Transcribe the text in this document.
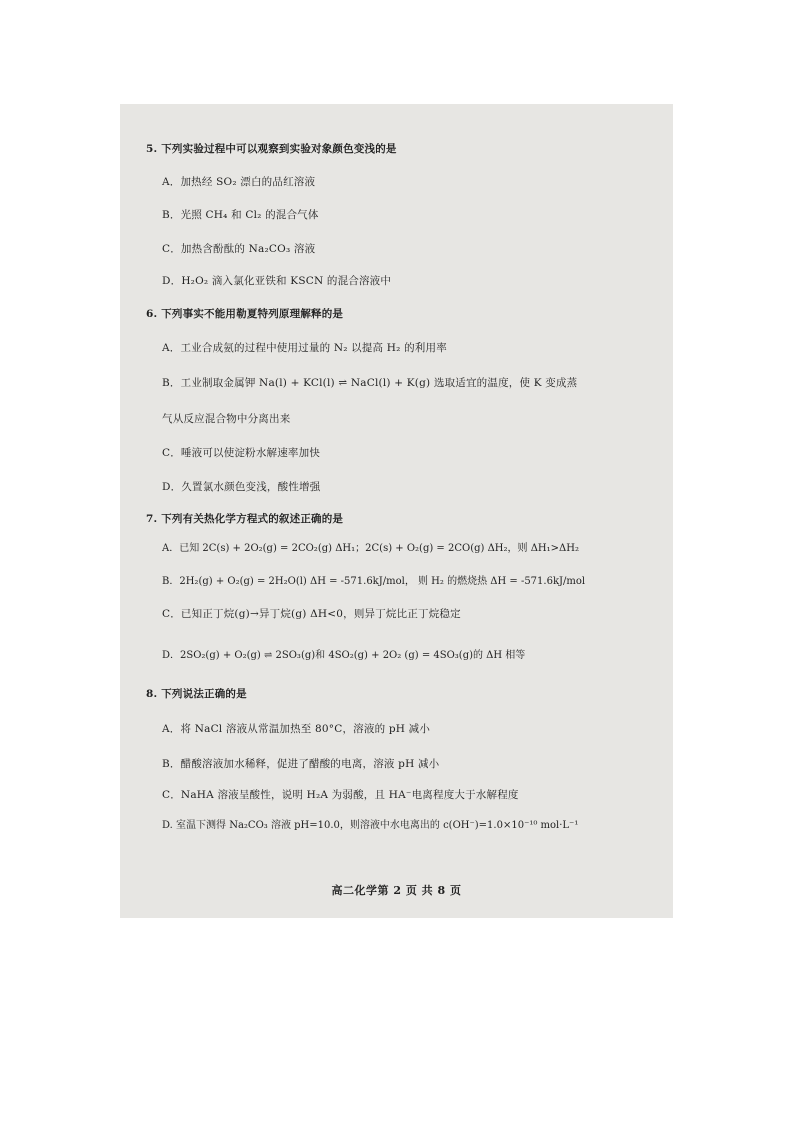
5. 下列实验过程中可以观察到实验对象颜色变浅的是
A．加热经 SO₂ 漂白的品红溶液
B．光照 CH₄ 和 Cl₂ 的混合气体
C．加热含酚酞的 Na₂CO₃ 溶液
D．H₂O₂ 滴入氯化亚铁和 KSCN 的混合溶液中
6. 下列事实不能用勒夏特列原理解释的是
A．工业合成氨的过程中使用过量的 N₂ 以提高 H₂ 的利用率
B．工业制取金属钾 Na(l) + KCl(l) ⇌ NaCl(l) + K(g) 选取适宜的温度，使 K 变成蒸
气从反应混合物中分离出来
C．唾液可以使淀粉水解速率加快
D．久置氯水颜色变浅，酸性增强
7. 下列有关热化学方程式的叙述正确的是
A．已知 2C(s) + 2O₂(g) = 2CO₂(g) ΔH₁；2C(s) + O₂(g) = 2CO(g) ΔH₂，则 ΔH₁>ΔH₂
B．2H₂(g) + O₂(g) = 2H₂O(l) ΔH = -571.6kJ/mol， 则 H₂ 的燃烧热 ΔH = -571.6kJ/mol
C．已知正丁烷(g)→异丁烷(g) ΔH<0，则异丁烷比正丁烷稳定
D．2SO₂(g) + O₂(g) ⇌ 2SO₃(g)和 4SO₂(g) + 2O₂ (g) = 4SO₃(g)的 ΔH 相等
8. 下列说法正确的是
A．将 NaCl 溶液从常温加热至 80°C，溶液的 pH 减小
B．醋酸溶液加水稀释，促进了醋酸的电离，溶液 pH 减小
C．NaHA 溶液呈酸性，说明 H₂A 为弱酸，且 HA⁻电离程度大于水解程度
D. 室温下测得 Na₂CO₃ 溶液 pH=10.0，则溶液中水电离出的 c(OH⁻)=1.0×10⁻¹⁰ mol·L⁻¹
高二化学第 2 页 共 8 页
